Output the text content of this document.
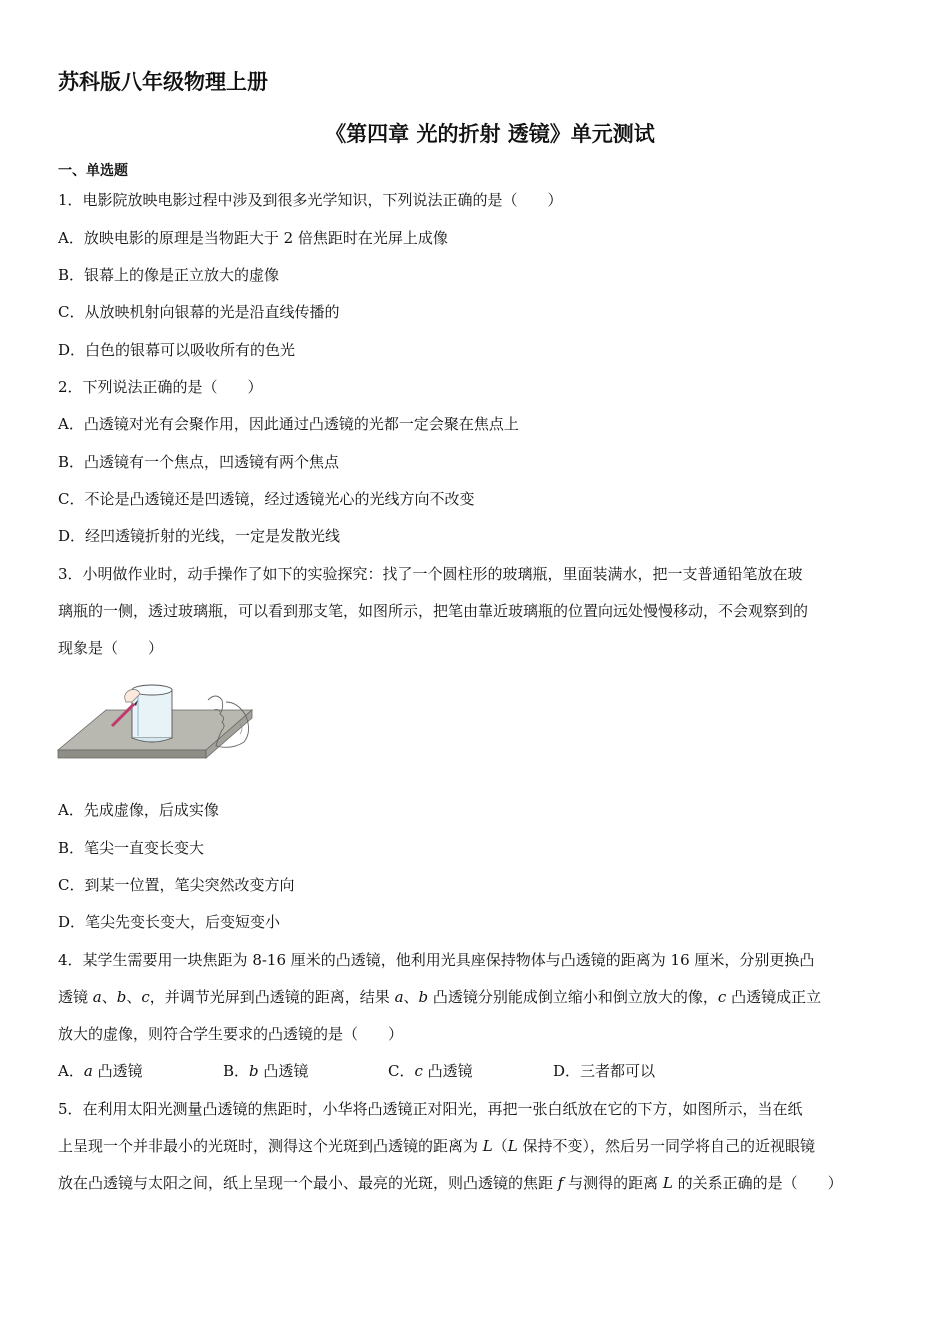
苏科版八年级物理上册
《第四章 光的折射 透镜》单元测试
一、单选题
1．电影院放映电影过程中涉及到很多光学知识，下列说法正确的是（　　）
A．放映电影的原理是当物距大于 2 倍焦距时在光屏上成像
B．银幕上的像是正立放大的虚像
C．从放映机射向银幕的光是沿直线传播的
D．白色的银幕可以吸收所有的色光
2．下列说法正确的是（　　）
A．凸透镜对光有会聚作用，因此通过凸透镜的光都一定会聚在焦点上
B．凸透镜有一个焦点，凹透镜有两个焦点
C．不论是凸透镜还是凹透镜，经过透镜光心的光线方向不改变
D．经凹透镜折射的光线，一定是发散光线
3．小明做作业时，动手操作了如下的实验探究：找了一个圆柱形的玻璃瓶，里面装满水，把一支普通铅笔放在玻
璃瓶的一侧，透过玻璃瓶，可以看到那支笔，如图所示，把笔由靠近玻璃瓶的位置向远处慢慢移动，不会观察到的
现象是（　　）
A．先成虚像，后成实像
B．笔尖一直变长变大
C．到某一位置，笔尖突然改变方向
D．笔尖先变长变大，后变短变小
4．某学生需要用一块焦距为 8-16 厘米的凸透镜，他利用光具座保持物体与凸透镜的距离为 16 厘米，分别更换凸
透镜 a、b、c，并调节光屏到凸透镜的距离，结果 a、b 凸透镜分别能成倒立缩小和倒立放大的像，c 凸透镜成正立
放大的虚像，则符合学生要求的凸透镜的是（　　）
A．a 凸透镜	B．b 凸透镜	C．c 凸透镜	D．三者都可以
5．在利用太阳光测量凸透镜的焦距时，小华将凸透镜正对阳光，再把一张白纸放在它的下方，如图所示，当在纸
上呈现一个并非最小的光斑时，测得这个光斑到凸透镜的距离为 L（L 保持不变），然后另一同学将自己的近视眼镜
放在凸透镜与太阳之间，纸上呈现一个最小、最亮的光斑，则凸透镜的焦距 f 与测得的距离 L 的关系正确的是（　　）
